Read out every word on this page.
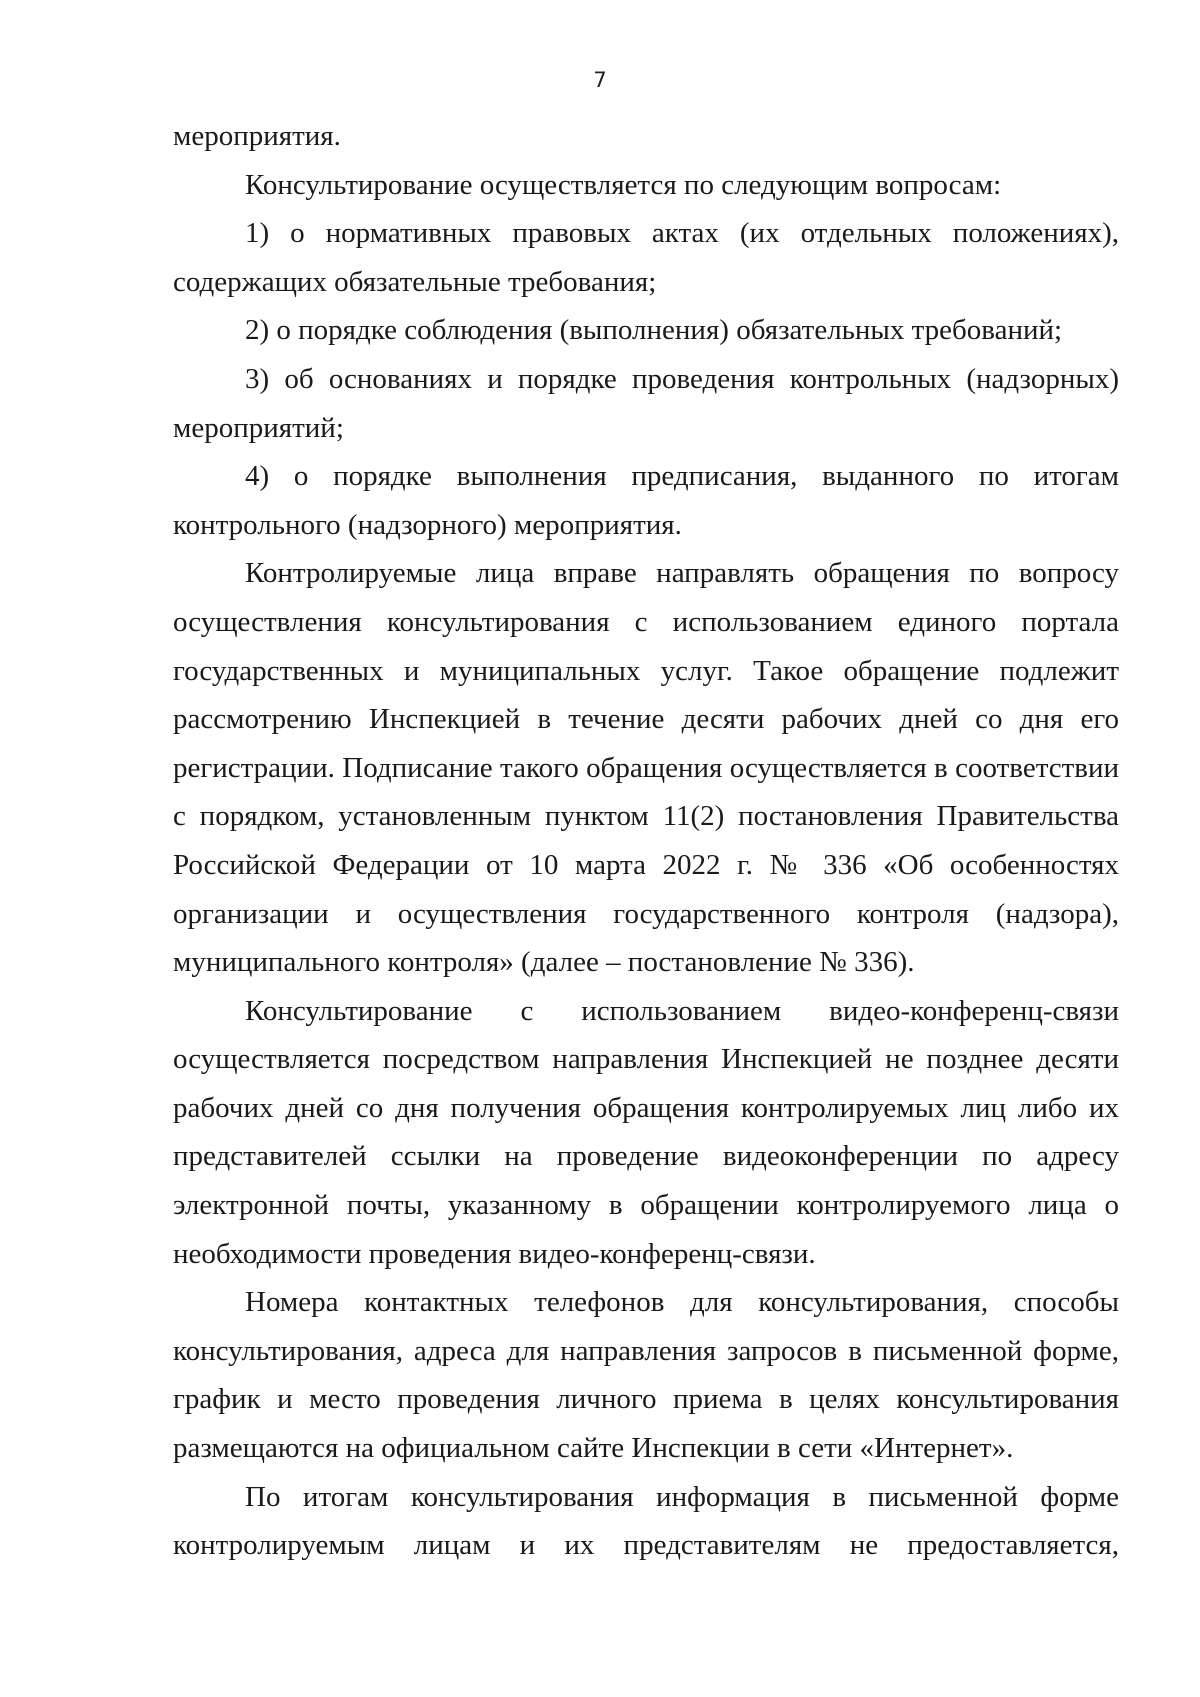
7

мероприятия.

Консультирование осуществляется по следующим вопросам:

1) о нормативных правовых актах (их отдельных положениях), содержащих обязательные требования;

2) о порядке соблюдения (выполнения) обязательных требований;

3) об основаниях и порядке проведения контрольных (надзорных) мероприятий;

4) о порядке выполнения предписания, выданного по итогам контрольного (надзорного) мероприятия.

Контролируемые лица вправе направлять обращения по вопросу осуществления консультирования с использованием единого портала государственных и муниципальных услуг. Такое обращение подлежит рассмотрению Инспекцией в течение десяти рабочих дней со дня его регистрации. Подписание такого обращения осуществляется в соответствии с порядком, установленным пунктом 11(2) постановления Правительства Российской Федерации от 10 марта 2022 г. № 336 «Об особенностях организации и осуществления государственного контроля (надзора), муниципального контроля» (далее – постановление № 336).

Консультирование с использованием видео-конференц-связи осуществляется посредством направления Инспекцией не позднее десяти рабочих дней со дня получения обращения контролируемых лиц либо их представителей ссылки на проведение видеоконференции по адресу электронной почты, указанному в обращении контролируемого лица о необходимости проведения видео-конференц-связи.

Номера контактных телефонов для консультирования, способы консультирования, адреса для направления запросов в письменной форме, график и место проведения личного приема в целях консультирования размещаются на официальном сайте Инспекции в сети «Интернет».

По итогам консультирования информация в письменной форме контролируемым лицам и их представителям не предоставляется,
